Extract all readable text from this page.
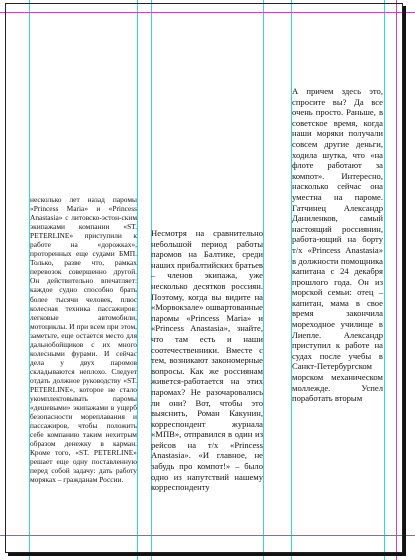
несколько лет назад паромы «Princess Maria» и «Princess Anastasia» с литовско-эстон-ским экипажами компании «ST. PETERLINE» приступили к работе на «дорожках», проторенных еще судами БМП. Только, разве что, рамках перевозок совершенно другой. Он действительно впечатляет: каждое судно способно брать более тысячи человек, плюс колесная техника пассажиров: легковые автомобили, мотоциклы. И при всем при этом, заметьте, еще остается место для дальнобойщиков с их много колесными фурами. И сейчас дела у двух паромов складываются неплохо. Следует отдать должное руководству «ST. PETERLINE», которое не стало укомплектовывать паромы «дешевыми» экипажами в ущерб безопасности мореплавания и пассажиров, чтобы положить себе компанию таким нехитрым образом денежку в карман. Кроме того, «ST. PETERLINE» решает еще одну поставленную перед собой задачу: дать работу моряках – гражданам России.

Несмотря на сравнительно небольшой период работы паромов на Балтике, среди наших прибалтийских братьев – членов экипажа, уже несколько десятков россиян. Поэтому, когда вы видите на «Морвокзале» ошвартованные паромы «Princess Maria» и «Princess Anastasia», знайте, что там есть и наши соотечественники. Вместе с тем, возникают закономерные вопросы. Как же россиянам живется-работается на этих паромах? Не разочаровались ли они? Вот, чтобы это выяснить, Роман Какунин, корреспондент журнала «МПВ», отправился в один из рейсов на т/х «Princess Anastasia». «И главное, не забудь про компот!» – было одно из напутствий нашему корреспонденту

А причем здесь это, спросите вы? Да все очень просто. Раньше, в советское время, когда наши моряки получали совсем другие деньги, ходила шутка, что «на флоте работают за компот». Интересно, насколько сейчас она уместна на пароме. Гатчинец Александр Даниленков, самый настоящий россиянин, работа-ющий на борту т/х «Princess Anastasia» в должности помощника капитана с 24 декабря прошлого года. Он из морской семьи: отец – капитан, мама в свое время закончила мореходное училище в Лиепле. Александр приступил к работе на судах после учебы в Санкт-Петербургском морском механическом моллежде. Успел поработать вторым
